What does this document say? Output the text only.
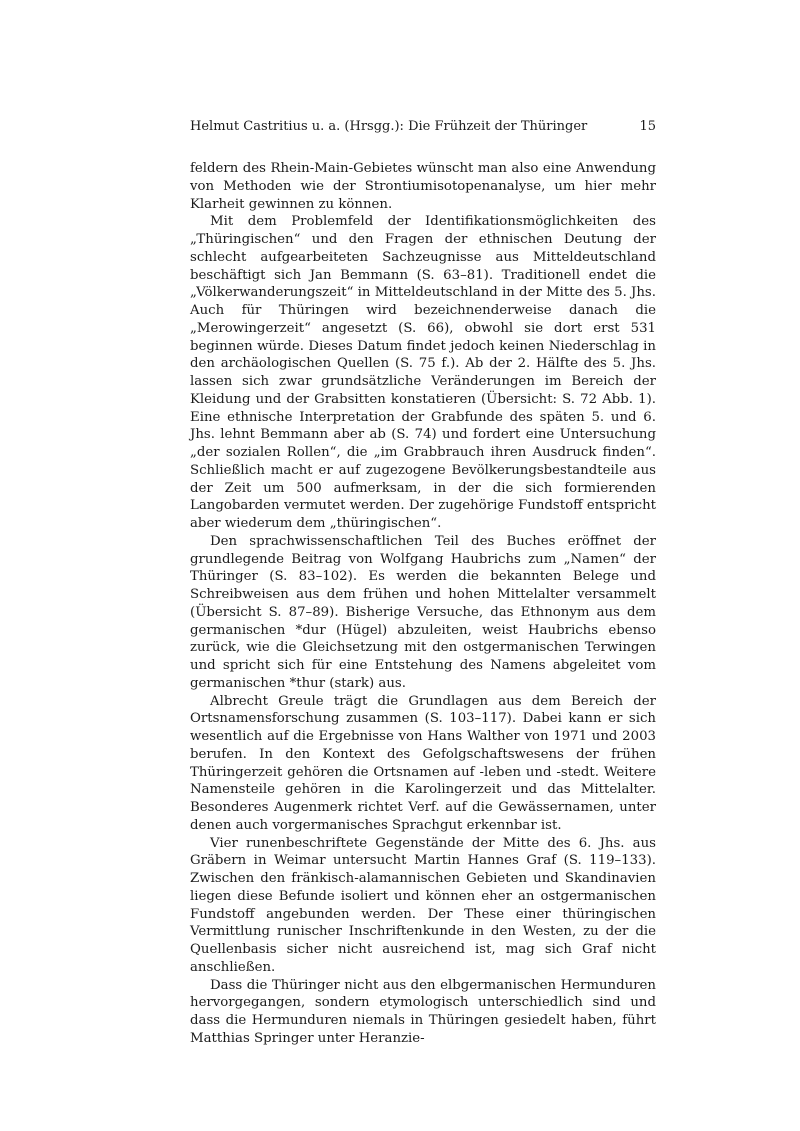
Helmut Castritius u. a. (Hrsgg.): Die Frühzeit der Thüringer	15

feldern des Rhein-Main-Gebietes wünscht man also eine Anwendung von Methoden wie der Strontiumisotopenanalyse, um hier mehr Klarheit gewinnen zu können.

Mit dem Problemfeld der Identifikationsmöglichkeiten des „Thüringischen“ und den Fragen der ethnischen Deutung der schlecht aufgearbeiteten Sachzeugnisse aus Mitteldeutschland beschäftigt sich Jan Bemmann (S. 63–81). Traditionell endet die „Völkerwanderungszeit“ in Mitteldeutschland in der Mitte des 5. Jhs. Auch für Thüringen wird bezeichnenderweise danach die „Merowingerzeit“ angesetzt (S. 66), obwohl sie dort erst 531 beginnen würde. Dieses Datum findet jedoch keinen Niederschlag in den archäologischen Quellen (S. 75 f.). Ab der 2. Hälfte des 5. Jhs. lassen sich zwar grundsätzliche Veränderungen im Bereich der Kleidung und der Grabsitten konstatieren (Übersicht: S. 72 Abb. 1). Eine ethnische Interpretation der Grabfunde des späten 5. und 6. Jhs. lehnt Bemmann aber ab (S. 74) und fordert eine Untersuchung „der sozialen Rollen“, die „im Grabbrauch ihren Ausdruck finden“. Schließlich macht er auf zugezogene Bevölkerungsbestandteile aus der Zeit um 500 aufmerksam, in der die sich formierenden Langobarden vermutet werden. Der zugehörige Fundstoff entspricht aber wiederum dem „thüringischen“.

Den sprachwissenschaftlichen Teil des Buches eröffnet der grundlegende Beitrag von Wolfgang Haubrichs zum „Namen“ der Thüringer (S. 83–102). Es werden die bekannten Belege und Schreibweisen aus dem frühen und hohen Mittelalter versammelt (Übersicht S. 87–89). Bisherige Versuche, das Ethnonym aus dem germanischen *dur (Hügel) abzuleiten, weist Haubrichs ebenso zurück, wie die Gleichsetzung mit den ostgermanischen Terwingen und spricht sich für eine Entstehung des Namens abgeleitet vom germanischen *thur (stark) aus.

Albrecht Greule trägt die Grundlagen aus dem Bereich der Ortsnamensforschung zusammen (S. 103–117). Dabei kann er sich wesentlich auf die Ergebnisse von Hans Walther von 1971 und 2003 berufen. In den Kontext des Gefolgschaftswesens der frühen Thüringerzeit gehören die Ortsnamen auf -leben und -stedt. Weitere Namensteile gehören in die Karolingerzeit und das Mittelalter. Besonderes Augenmerk richtet Verf. auf die Gewässernamen, unter denen auch vorgermanisches Sprachgut erkennbar ist.

Vier runenbeschriftete Gegenstände der Mitte des 6. Jhs. aus Gräbern in Weimar untersucht Martin Hannes Graf (S. 119–133). Zwischen den fränkisch-alamannischen Gebieten und Skandinavien liegen diese Befunde isoliert und können eher an ostgermanischen Fundstoff angebunden werden. Der These einer thüringischen Vermittlung runischer Inschriftenkunde in den Westen, zu der die Quellenbasis sicher nicht ausreichend ist, mag sich Graf nicht anschließen.

Dass die Thüringer nicht aus den elbgermanischen Hermunduren hervorgegangen, sondern etymologisch unterschiedlich sind und dass die Hermunduren niemals in Thüringen gesiedelt haben, führt Matthias Springer unter Heranzie-
